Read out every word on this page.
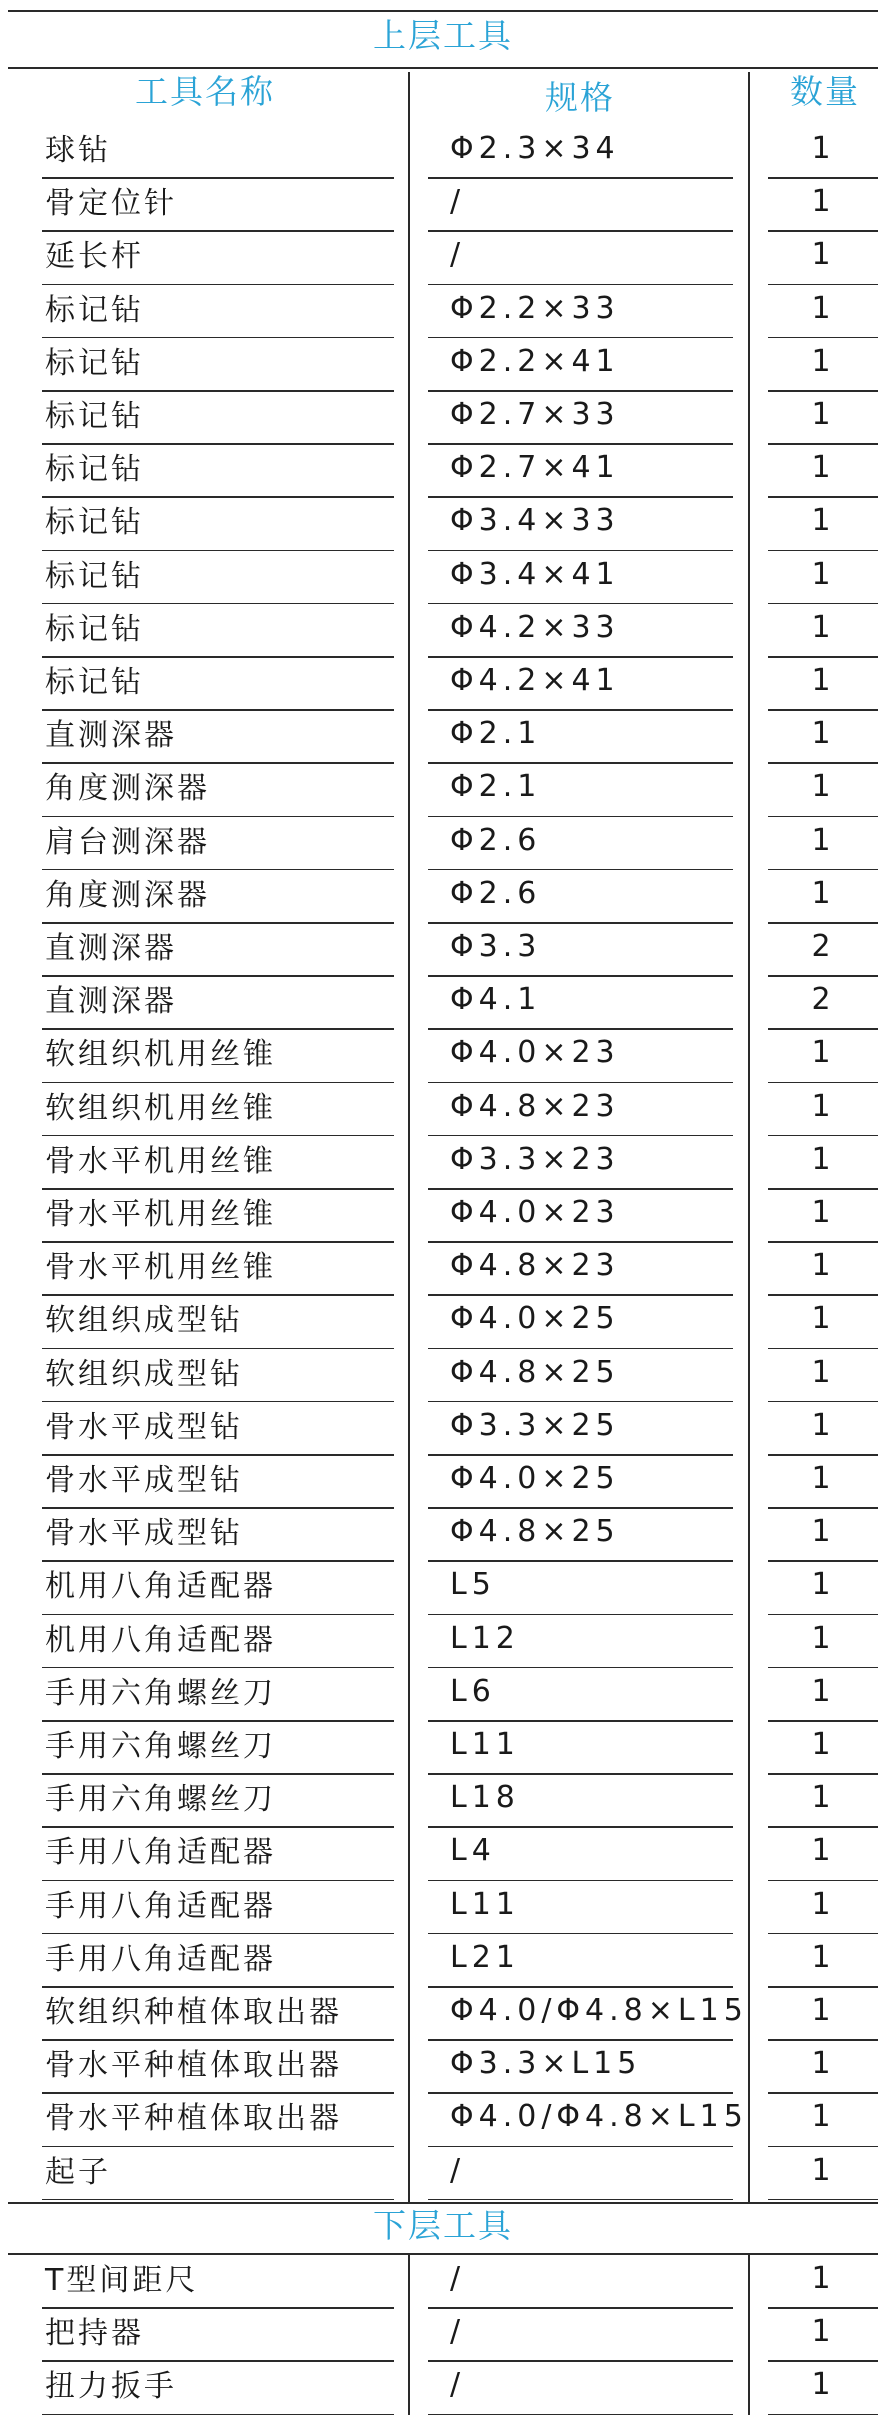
上层工具
工具名称	规格	数量
球钻	Φ2.3×34	1
骨定位针	/	1
延长杆	/	1
标记钻	Φ2.2×33	1
标记钻	Φ2.2×41	1
标记钻	Φ2.7×33	1
标记钻	Φ2.7×41	1
标记钻	Φ3.4×33	1
标记钻	Φ3.4×41	1
标记钻	Φ4.2×33	1
标记钻	Φ4.2×41	1
直测深器	Φ2.1	1
角度测深器	Φ2.1	1
肩台测深器	Φ2.6	1
角度测深器	Φ2.6	1
直测深器	Φ3.3	2
直测深器	Φ4.1	2
软组织机用丝锥	Φ4.0×23	1
软组织机用丝锥	Φ4.8×23	1
骨水平机用丝锥	Φ3.3×23	1
骨水平机用丝锥	Φ4.0×23	1
骨水平机用丝锥	Φ4.8×23	1
软组织成型钻	Φ4.0×25	1
软组织成型钻	Φ4.8×25	1
骨水平成型钻	Φ3.3×25	1
骨水平成型钻	Φ4.0×25	1
骨水平成型钻	Φ4.8×25	1
机用八角适配器	L5	1
机用八角适配器	L12	1
手用六角螺丝刀	L6	1
手用六角螺丝刀	L11	1
手用六角螺丝刀	L18	1
手用八角适配器	L4	1
手用八角适配器	L11	1
手用八角适配器	L21	1
软组织种植体取出器	Φ4.0/Φ4.8×L15	1
骨水平种植体取出器	Φ3.3×L15	1
骨水平种植体取出器	Φ4.0/Φ4.8×L15	1
起子	/	1
下层工具
T型间距尺	/	1
把持器	/	1
扭力扳手	/	1
